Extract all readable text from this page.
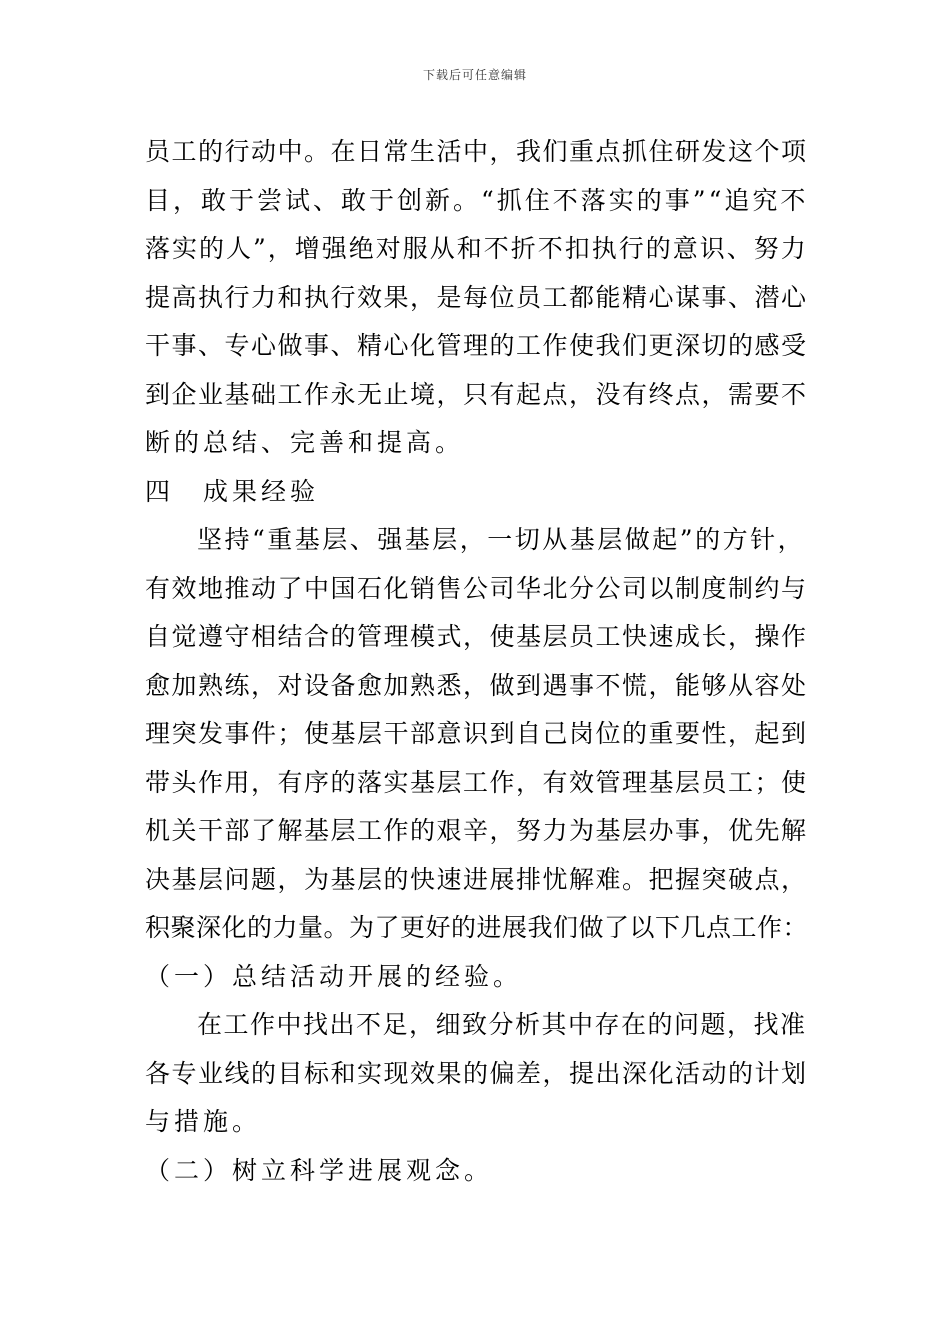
下载后可任意编辑
员工的行动中。在日常生活中，我们重点抓住研发这个项
目，敢于尝试、敢于创新。“抓住不落实的事”“追究不
落实的人”，增强绝对服从和不折不扣执行的意识、努力
提高执行力和执行效果，是每位员工都能精心谋事、潜心
干事、专心做事、精心化管理的工作使我们更深切的感受
到企业基础工作永无止境，只有起点，没有终点，需要不
断的总结、完善和提高。
四　成果经验
坚持“重基层、强基层，一切从基层做起”的方针，
有效地推动了中国石化销售公司华北分公司以制度制约与
自觉遵守相结合的管理模式，使基层员工快速成长，操作
愈加熟练，对设备愈加熟悉，做到遇事不慌，能够从容处
理突发事件；使基层干部意识到自己岗位的重要性，起到
带头作用，有序的落实基层工作，有效管理基层员工；使
机关干部了解基层工作的艰辛，努力为基层办事，优先解
决基层问题，为基层的快速进展排忧解难。把握突破点，
积聚深化的力量。为了更好的进展我们做了以下几点工作：
（一）总结活动开展的经验。
在工作中找出不足，细致分析其中存在的问题，找准
各专业线的目标和实现效果的偏差，提出深化活动的计划
与措施。
（二）树立科学进展观念。
